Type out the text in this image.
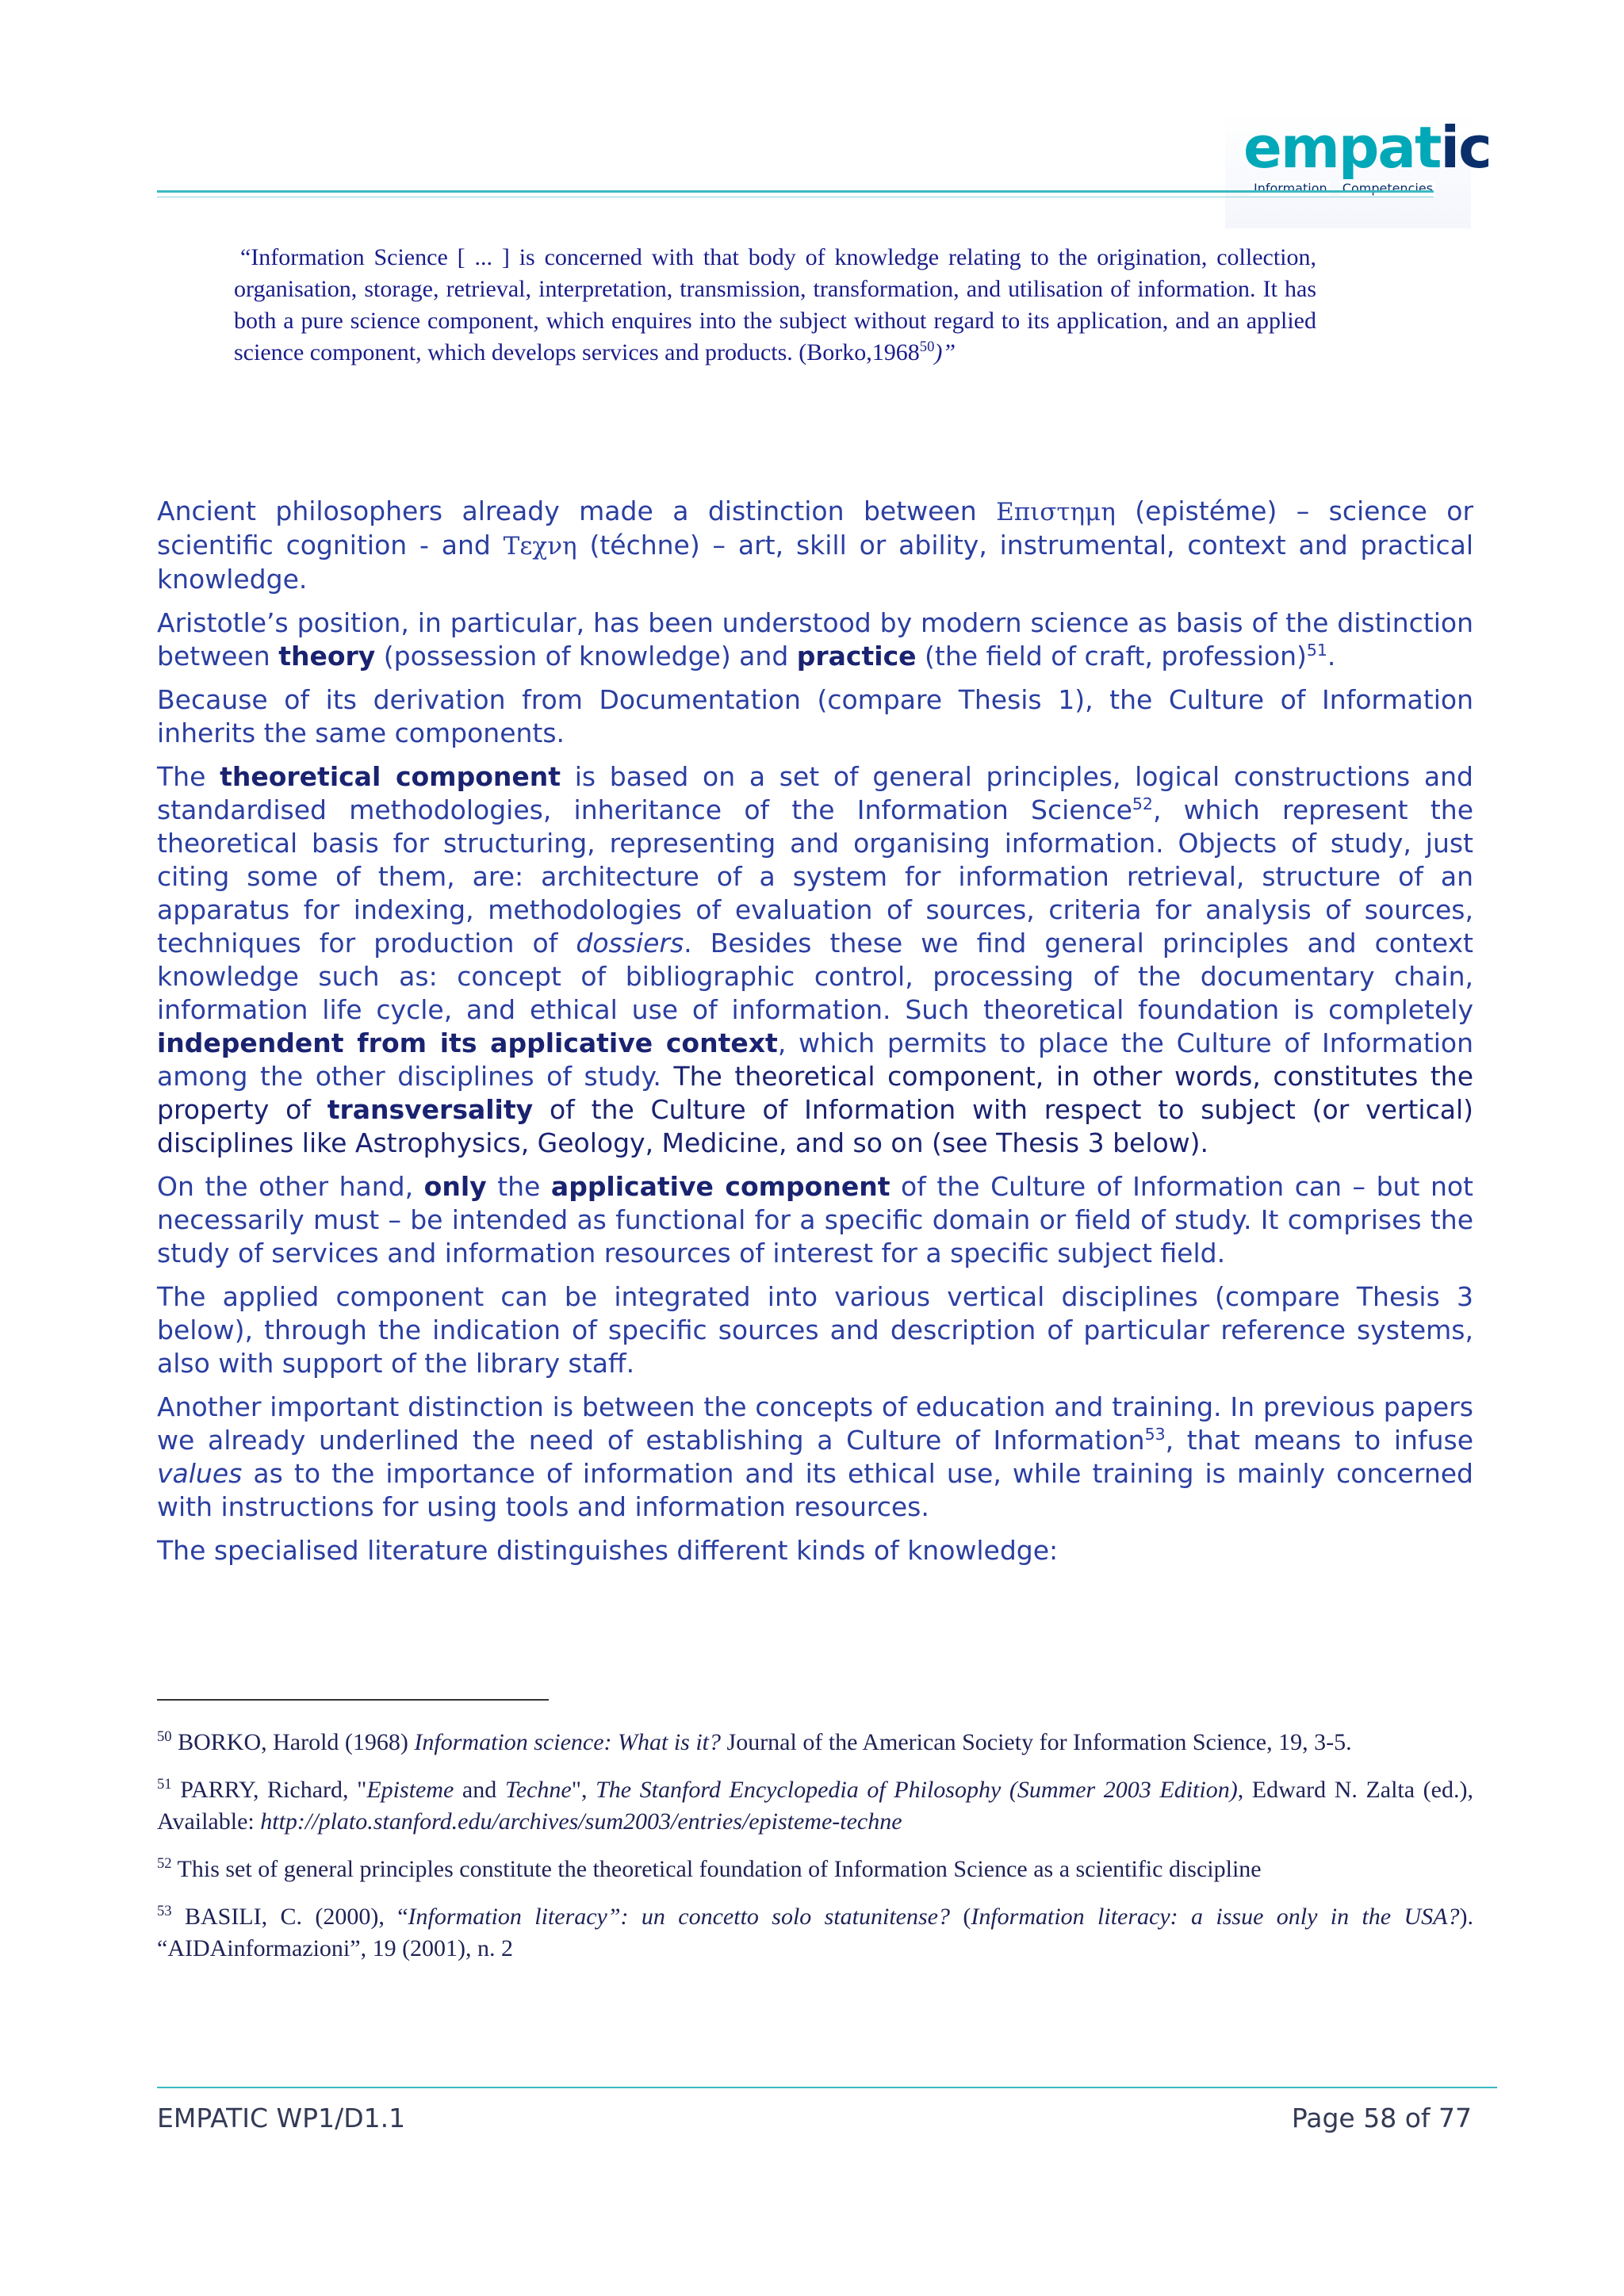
empatic
Information Competencies

“Information Science [ ... ] is concerned with that body of knowledge relating to the origination, collection, organisation, storage, retrieval, interpretation, transmission, transformation, and utilisation of information. It has both a pure science component, which enquires into the subject without regard to its application, and an applied science component, which develops services and products. (Borko,1968$^{50}$)”

Ancient philosophers already made a distinction between Επιστημη (epistéme) – science or scientific cognition - and Τεχνη (téchne) – art, skill or ability, instrumental, context and practical knowledge.

Aristotle’s position, in particular, has been understood by modern science as basis of the distinction between theory (possession of knowledge) and practice (the field of craft, profession)$^{51}$.

Because of its derivation from Documentation (compare Thesis 1), the Culture of Information inherits the same components.

The theoretical component is based on a set of general principles, logical constructions and standardised methodologies, inheritance of the Information Science$^{52}$, which represent the theoretical basis for structuring, representing and organising information. Objects of study, just citing some of them, are: architecture of a system for information retrieval, structure of an apparatus for indexing, methodologies of evaluation of sources, criteria for analysis of sources, techniques for production of dossiers. Besides these we find general principles and context knowledge such as: concept of bibliographic control, processing of the documentary chain, information life cycle, and ethical use of information. Such theoretical foundation is completely independent from its applicative context, which permits to place the Culture of Information among the other disciplines of study. The theoretical component, in other words, constitutes the property of transversality of the Culture of Information with respect to subject (or vertical) disciplines like Astrophysics, Geology, Medicine, and so on (see Thesis 3 below).

On the other hand, only the applicative component of the Culture of Information can – but not necessarily must – be intended as functional for a specific domain or field of study. It comprises the study of services and information resources of interest for a specific subject field.

The applied component can be integrated into various vertical disciplines (compare Thesis 3 below), through the indication of specific sources and description of particular reference systems, also with support of the library staff.

Another important distinction is between the concepts of education and training. In previous papers we already underlined the need of establishing a Culture of Information$^{53}$, that means to infuse values as to the importance of information and its ethical use, while training is mainly concerned with instructions for using tools and information resources.

The specialised literature distinguishes different kinds of knowledge:

$^{50}$ BORKO, Harold (1968) Information science: What is it? Journal of the American Society for Information Science, 19, 3-5.

$^{51}$ PARRY, Richard, "Episteme and Techne", The Stanford Encyclopedia of Philosophy (Summer 2003 Edition), Edward N. Zalta (ed.), Available: http://plato.stanford.edu/archives/sum2003/entries/episteme-techne

$^{52}$ This set of general principles constitute the theoretical foundation of Information Science as a scientific discipline

$^{53}$ BASILI, C. (2000), “Information literacy”: un concetto solo statunitense? (Information literacy: a issue only in the USA?). “AIDAinformazioni”, 19 (2001), n. 2

EMPATIC WP1/D1.1	Page 58 of 77
